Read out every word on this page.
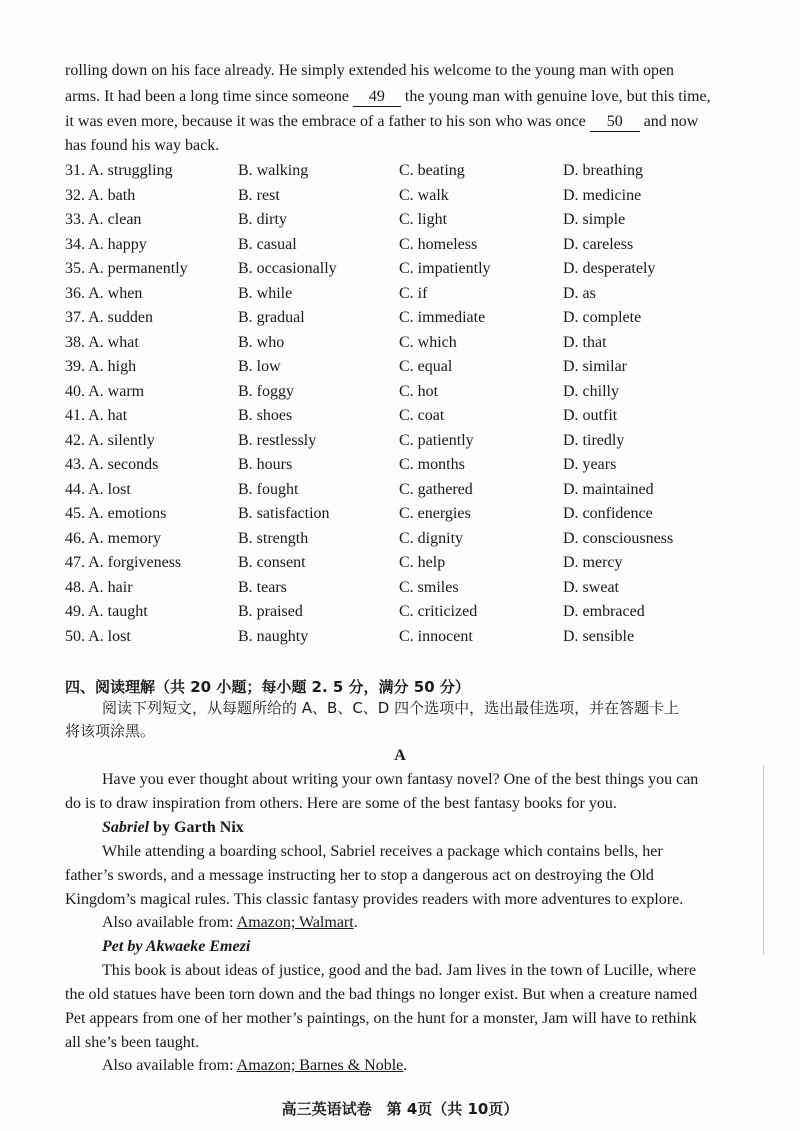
rolling down on his face already. He simply extended his welcome to the young man with open
arms. It had been a long time since someone 49 the young man with genuine love, but this time,
it was even more, because it was the embrace of a father to his son who was once 50 and now
has found his way back.
31. A. struggling	B. walking	C. beating	D. breathing
32. A. bath	B. rest	C. walk	D. medicine
33. A. clean	B. dirty	C. light	D. simple
34. A. happy	B. casual	C. homeless	D. careless
35. A. permanently	B. occasionally	C. impatiently	D. desperately
36. A. when	B. while	C. if	D. as
37. A. sudden	B. gradual	C. immediate	D. complete
38. A. what	B. who	C. which	D. that
39. A. high	B. low	C. equal	D. similar
40. A. warm	B. foggy	C. hot	D. chilly
41. A. hat	B. shoes	C. coat	D. outfit
42. A. silently	B. restlessly	C. patiently	D. tiredly
43. A. seconds	B. hours	C. months	D. years
44. A. lost	B. fought	C. gathered	D. maintained
45. A. emotions	B. satisfaction	C. energies	D. confidence
46. A. memory	B. strength	C. dignity	D. consciousness
47. A. forgiveness	B. consent	C. help	D. mercy
48. A. hair	B. tears	C. smiles	D. sweat
49. A. taught	B. praised	C. criticized	D. embraced
50. A. lost	B. naughty	C. innocent	D. sensible
四、阅读理解（共 20 小题；每小题 2. 5 分，满分 50 分）
阅读下列短文，从每题所给的 A、B、C、D 四个选项中，选出最佳选项，并在答题卡上
将该项涂黑。
A
Have you ever thought about writing your own fantasy novel? One of the best things you can
do is to draw inspiration from others. Here are some of the best fantasy books for you.
Sabriel by Garth Nix
While attending a boarding school, Sabriel receives a package which contains bells, her
father’s swords, and a message instructing her to stop a dangerous act on destroying the Old
Kingdom’s magical rules. This classic fantasy provides readers with more adventures to explore.
Also available from: Amazon; Walmart.
Pet by Akwaeke Emezi
This book is about ideas of justice, good and the bad. Jam lives in the town of Lucille, where
the old statues have been torn down and the bad things no longer exist. But when a creature named
Pet appears from one of her mother’s paintings, on the hunt for a monster, Jam will have to rethink
all she’s been taught.
Also available from: Amazon; Barnes & Noble.
高三英语试卷　第 4页（共 10页）
